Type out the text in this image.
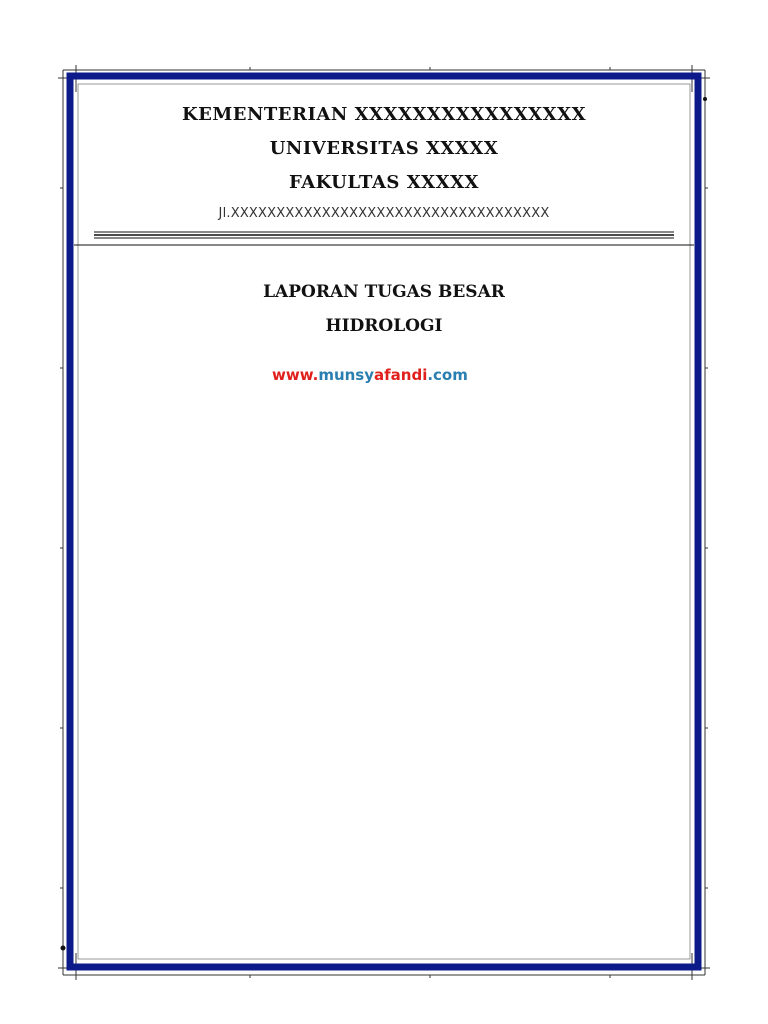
KEMENTERIAN XXXXXXXXXXXXXXXX
UNIVERSITAS XXXXX
FAKULTAS XXXXX
Jl.XXXXXXXXXXXXXXXXXXXXXXXXXXXXXXXXXXX
LAPORAN TUGAS BESAR
HIDROLOGI
www.munsyafandi.com
